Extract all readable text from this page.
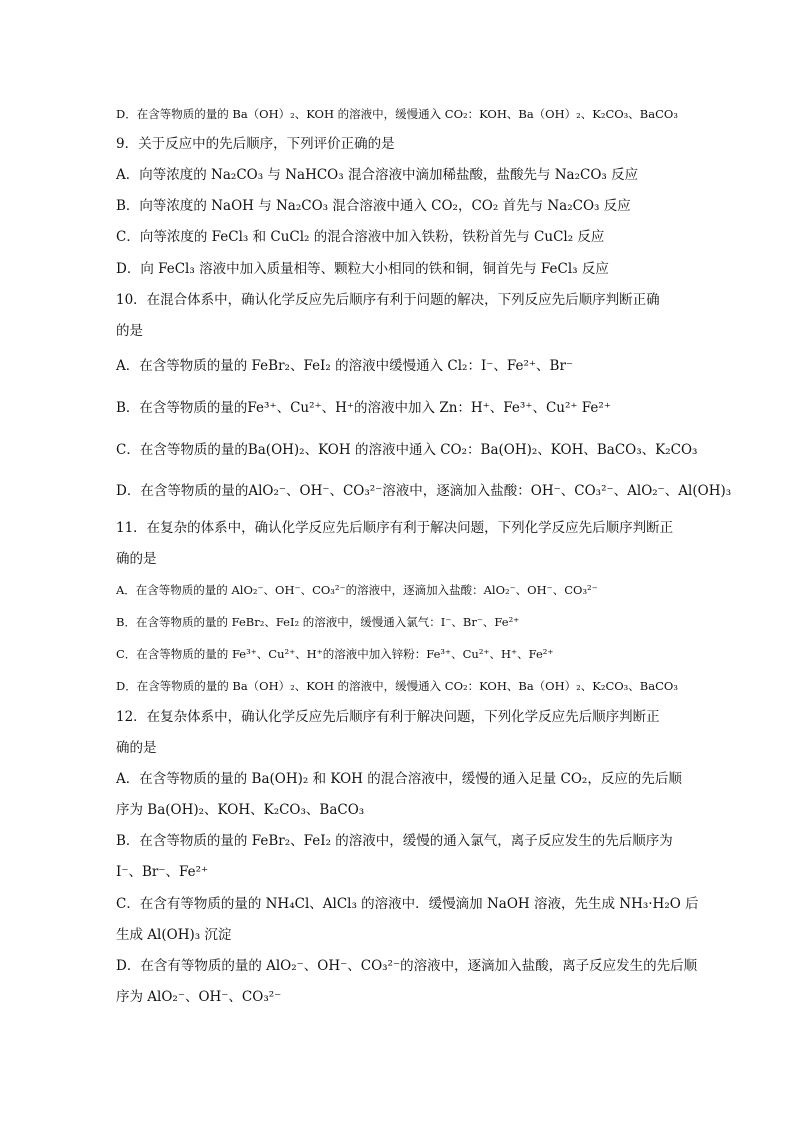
D．在含等物质的量的 Ba（OH）₂、KOH 的溶液中，缓慢通入 CO₂：KOH、Ba（OH）₂、K₂CO₃、BaCO₃

9．关于反应中的先后顺序，下列评价正确的是

A．向等浓度的 Na₂CO₃ 与 NaHCO₃ 混合溶液中滴加稀盐酸，盐酸先与 Na₂CO₃ 反应

B．向等浓度的 NaOH 与 Na₂CO₃ 混合溶液中通入 CO₂，CO₂ 首先与 Na₂CO₃ 反应

C．向等浓度的 FeCl₃ 和 CuCl₂ 的混合溶液中加入铁粉，铁粉首先与 CuCl₂ 反应

D．向 FeCl₃ 溶液中加入质量相等、颗粒大小相同的铁和铜，铜首先与 FeCl₃ 反应

10．在混合体系中，确认化学反应先后顺序有利于问题的解决，下列反应先后顺序判断正确

的是

A．在含等物质的量的 FeBr₂、FeI₂ 的溶液中缓慢通入 Cl₂：I⁻、Fe²⁺、Br⁻

B．在含等物质的量的Fe³⁺、Cu²⁺、H⁺的溶液中加入 Zn：H⁺、Fe³⁺、Cu²⁺ Fe²⁺

C．在含等物质的量的Ba(OH)₂、KOH 的溶液中通入 CO₂：Ba(OH)₂、KOH、BaCO₃、K₂CO₃

D．在含等物质的量的AlO₂⁻、OH⁻、CO₃²⁻溶液中，逐滴加入盐酸：OH⁻、CO₃²⁻、AlO₂⁻、Al(OH)₃

11．在复杂的体系中，确认化学反应先后顺序有利于解决问题，下列化学反应先后顺序判断正

确的是

A．在含等物质的量的 AlO₂⁻、OH⁻、CO₃²⁻的溶液中，逐滴加入盐酸：AlO₂⁻、OH⁻、CO₃²⁻

B．在含等物质的量的 FeBr₂、FeI₂ 的溶液中，缓慢通入氯气：I⁻、Br⁻、Fe²⁺

C．在含等物质的量的 Fe³⁺、Cu²⁺、H⁺的溶液中加入锌粉：Fe³⁺、Cu²⁺、H⁺、Fe²⁺

D．在含等物质的量的 Ba（OH）₂、KOH 的溶液中，缓慢通入 CO₂：KOH、Ba（OH）₂、K₂CO₃、BaCO₃

12．在复杂体系中，确认化学反应先后顺序有利于解决问题，下列化学反应先后顺序判断正

确的是

A．在含等物质的量的 Ba(OH)₂ 和 KOH 的混合溶液中，缓慢的通入足量 CO₂，反应的先后顺

序为 Ba(OH)₂、KOH、K₂CO₃、BaCO₃

B．在含等物质的量的 FeBr₂、FeI₂ 的溶液中，缓慢的通入氯气，离子反应发生的先后顺序为

I⁻、Br⁻、Fe²⁺

C．在含有等物质的量的 NH₄Cl、AlCl₃ 的溶液中．缓慢滴加 NaOH 溶液，先生成 NH₃·H₂O 后

生成 Al(OH)₃ 沉淀

D．在含有等物质的量的 AlO₂⁻、OH⁻、CO₃²⁻的溶液中，逐滴加入盐酸，离子反应发生的先后顺

序为 AlO₂⁻、OH⁻、CO₃²⁻
